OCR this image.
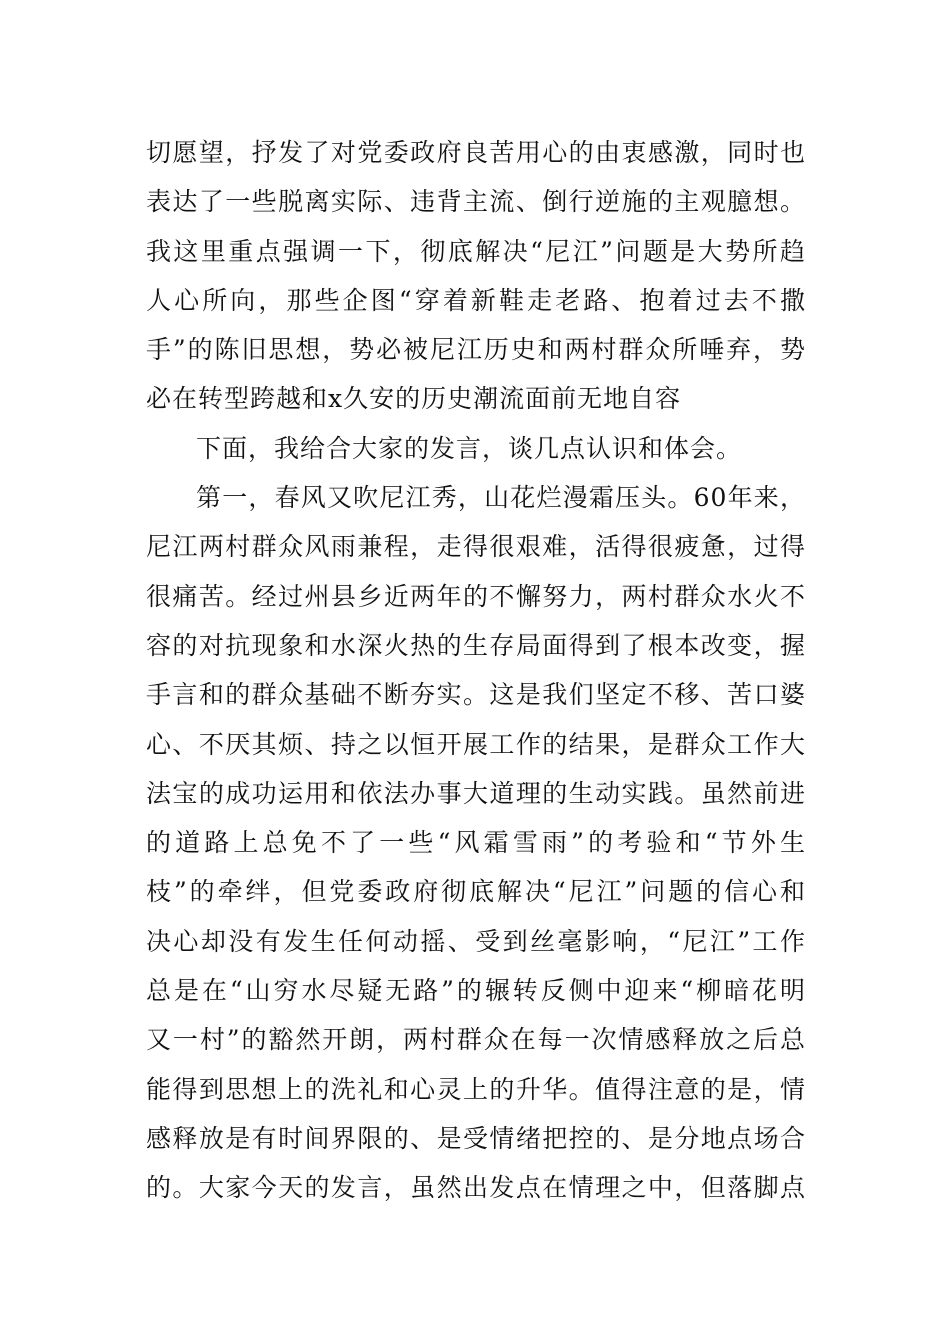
切愿望，抒发了对党委政府良苦用心的由衷感激，同时也
表达了一些脱离实际、违背主流、倒行逆施的主观臆想。
我这里重点强调一下，彻底解决“尼江”问题是大势所趋
人心所向，那些企图“穿着新鞋走老路、抱着过去不撒
手”的陈旧思想，势必被尼江历史和两村群众所唾弃，势
必在转型跨越和x久安的历史潮流面前无地自容
下面，我给合大家的发言，谈几点认识和体会。
第一，春风又吹尼江秀，山花烂漫霜压头。60年来，
尼江两村群众风雨兼程，走得很艰难，活得很疲惫，过得
很痛苦。经过州县乡近两年的不懈努力，两村群众水火不
容的对抗现象和水深火热的生存局面得到了根本改变，握
手言和的群众基础不断夯实。这是我们坚定不移、苦口婆
心、不厌其烦、持之以恒开展工作的结果，是群众工作大
法宝的成功运用和依法办事大道理的生动实践。虽然前进
的道路上总免不了一些“风霜雪雨”的考验和“节外生
枝”的牵绊，但党委政府彻底解决“尼江”问题的信心和
决心却没有发生任何动摇、受到丝毫影响，“尼江”工作
总是在“山穷水尽疑无路”的辗转反侧中迎来“柳暗花明
又一村”的豁然开朗，两村群众在每一次情感释放之后总
能得到思想上的洗礼和心灵上的升华。值得注意的是，情
感释放是有时间界限的、是受情绪把控的、是分地点场合
的。大家今天的发言，虽然出发点在情理之中，但落脚点
